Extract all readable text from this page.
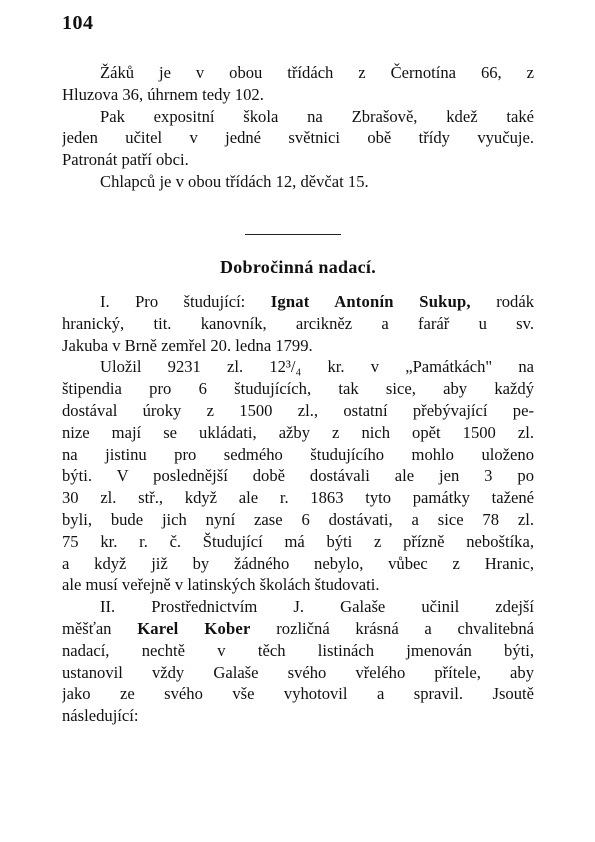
104
Žáků je v obou třídách z Černotína 66, z
Hluzova 36, úhrnem tedy 102.
Pak expositní škola na Zbrašově, kdež také
jeden učitel v jedné světnici obě třídy vyučuje.
Patronát patří obci.
Chlapců je v obou třídách 12, děvčat 15.
Dobročinná nadací.
I. Pro študující: Ignat Antonín Sukup, rodák
hranický, tit. kanovník, arcikněz a farář u sv.
Jakuba v Brně zemřel 20. ledna 1799.
Uložil 9231 zl. 12³/₄ kr. v „Památkách" na
štipendia pro 6 študujících, tak sice, aby každý
dostával úroky z 1500 zl., ostatní přebývající pe-
nize mají se ukládati, ažby z nich opět 1500 zl.
na jistinu pro sedmého študujícího mohlo uloženo
býti. V poslednější době dostávali ale jen 3 po
30 zl. stř., když ale r. 1863 tyto památky tažené
byli, bude jich nyní zase 6 dostávati, a sice 78 zl.
75 kr. r. č. Študující má býti z přízně neboštíka,
a když již by žádného nebylo, vůbec z Hranic,
ale musí veřejně v latinských školách študovati.
II. Prostřednictvím J. Galaše učinil zdejší
měšťan Karel Kober rozličná krásná a chvalitebná
nadací, nechtě v těch listinách jmenován býti,
ustanovil vždy Galaše svého vřelého přítele, aby
jako ze svého vše vyhotovil a spravil. Jsoutě
následující:
